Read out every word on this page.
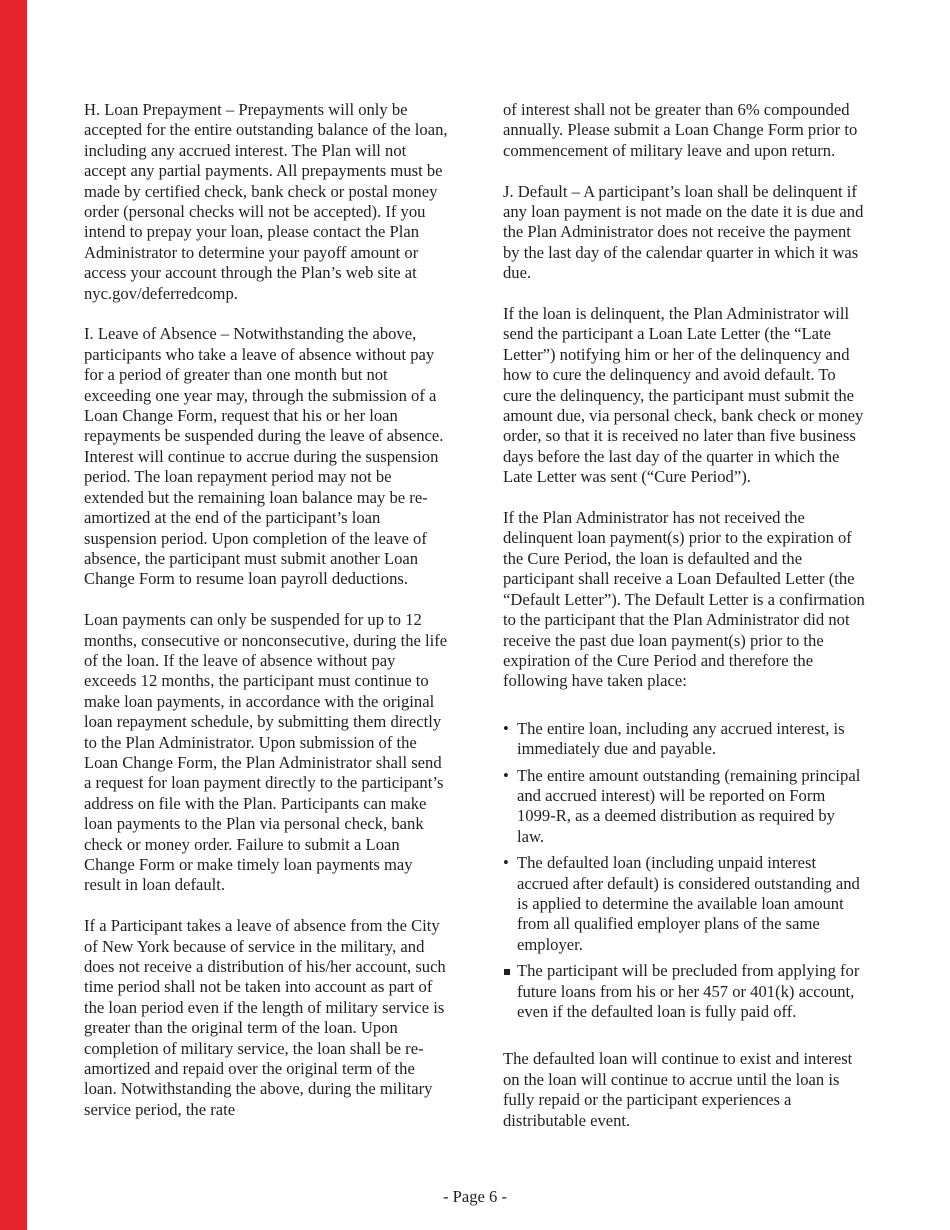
H. Loan Prepayment – Prepayments will only be accepted for the entire outstanding balance of the loan, including any accrued interest. The Plan will not accept any partial payments. All prepayments must be made by certified check, bank check or postal money order (personal checks will not be accepted). If you intend to prepay your loan, please contact the Plan Administrator to determine your payoff amount or access your account through the Plan’s web site at nyc.gov/deferredcomp.

I. Leave of Absence – Notwithstanding the above, participants who take a leave of absence without pay for a period of greater than one month but not exceeding one year may, through the submission of a Loan Change Form, request that his or her loan repayments be suspended during the leave of absence. Interest will continue to accrue during the suspension period. The loan repayment period may not be extended but the remaining loan balance may be re-amortized at the end of the participant’s loan suspension period. Upon completion of the leave of absence, the participant must submit another Loan Change Form to resume loan payroll deductions.

Loan payments can only be suspended for up to 12 months, consecutive or nonconsecutive, during the life of the loan. If the leave of absence without pay exceeds 12 months, the participant must continue to make loan payments, in accordance with the original loan repayment schedule, by submitting them directly to the Plan Administrator. Upon submission of the Loan Change Form, the Plan Administrator shall send a request for loan payment directly to the participant’s address on file with the Plan. Participants can make loan payments to the Plan via personal check, bank check or money order. Failure to submit a Loan Change Form or make timely loan payments may result in loan default.

If a Participant takes a leave of absence from the City of New York because of service in the military, and does not receive a distribution of his/her account, such time period shall not be taken into account as part of the loan period even if the length of military service is greater than the original term of the loan. Upon completion of military service, the loan shall be re-amortized and repaid over the original term of the loan. Notwithstanding the above, during the military service period, the rate

of interest shall not be greater than 6% compounded annually. Please submit a Loan Change Form prior to commencement of military leave and upon return.

J. Default – A participant’s loan shall be delinquent if any loan payment is not made on the date it is due and the Plan Administrator does not receive the payment by the last day of the calendar quarter in which it was due.

If the loan is delinquent, the Plan Administrator will send the participant a Loan Late Letter (the “Late Letter”) notifying him or her of the delinquency and how to cure the delinquency and avoid default. To cure the delinquency, the participant must submit the amount due, via personal check, bank check or money order, so that it is received no later than five business days before the last day of the quarter in which the Late Letter was sent (“Cure Period”).

If the Plan Administrator has not received the delinquent loan payment(s) prior to the expiration of the Cure Period, the loan is defaulted and the participant shall receive a Loan Defaulted Letter (the “Default Letter”). The Default Letter is a confirmation to the participant that the Plan Administrator did not receive the past due loan payment(s) prior to the expiration of the Cure Period and therefore the following have taken place:

• The entire loan, including any accrued interest, is immediately due and payable.
• The entire amount outstanding (remaining principal and accrued interest) will be reported on Form 1099-R, as a deemed distribution as required by law.
• The defaulted loan (including unpaid interest accrued after default) is considered outstanding and is applied to determine the available loan amount from all qualified employer plans of the same employer.
The participant will be precluded from applying for future loans from his or her 457 or 401(k) account, even if the defaulted loan is fully paid off.

The defaulted loan will continue to exist and interest on the loan will continue to accrue until the loan is fully repaid or the participant experiences a distributable event.

- Page 6 -
